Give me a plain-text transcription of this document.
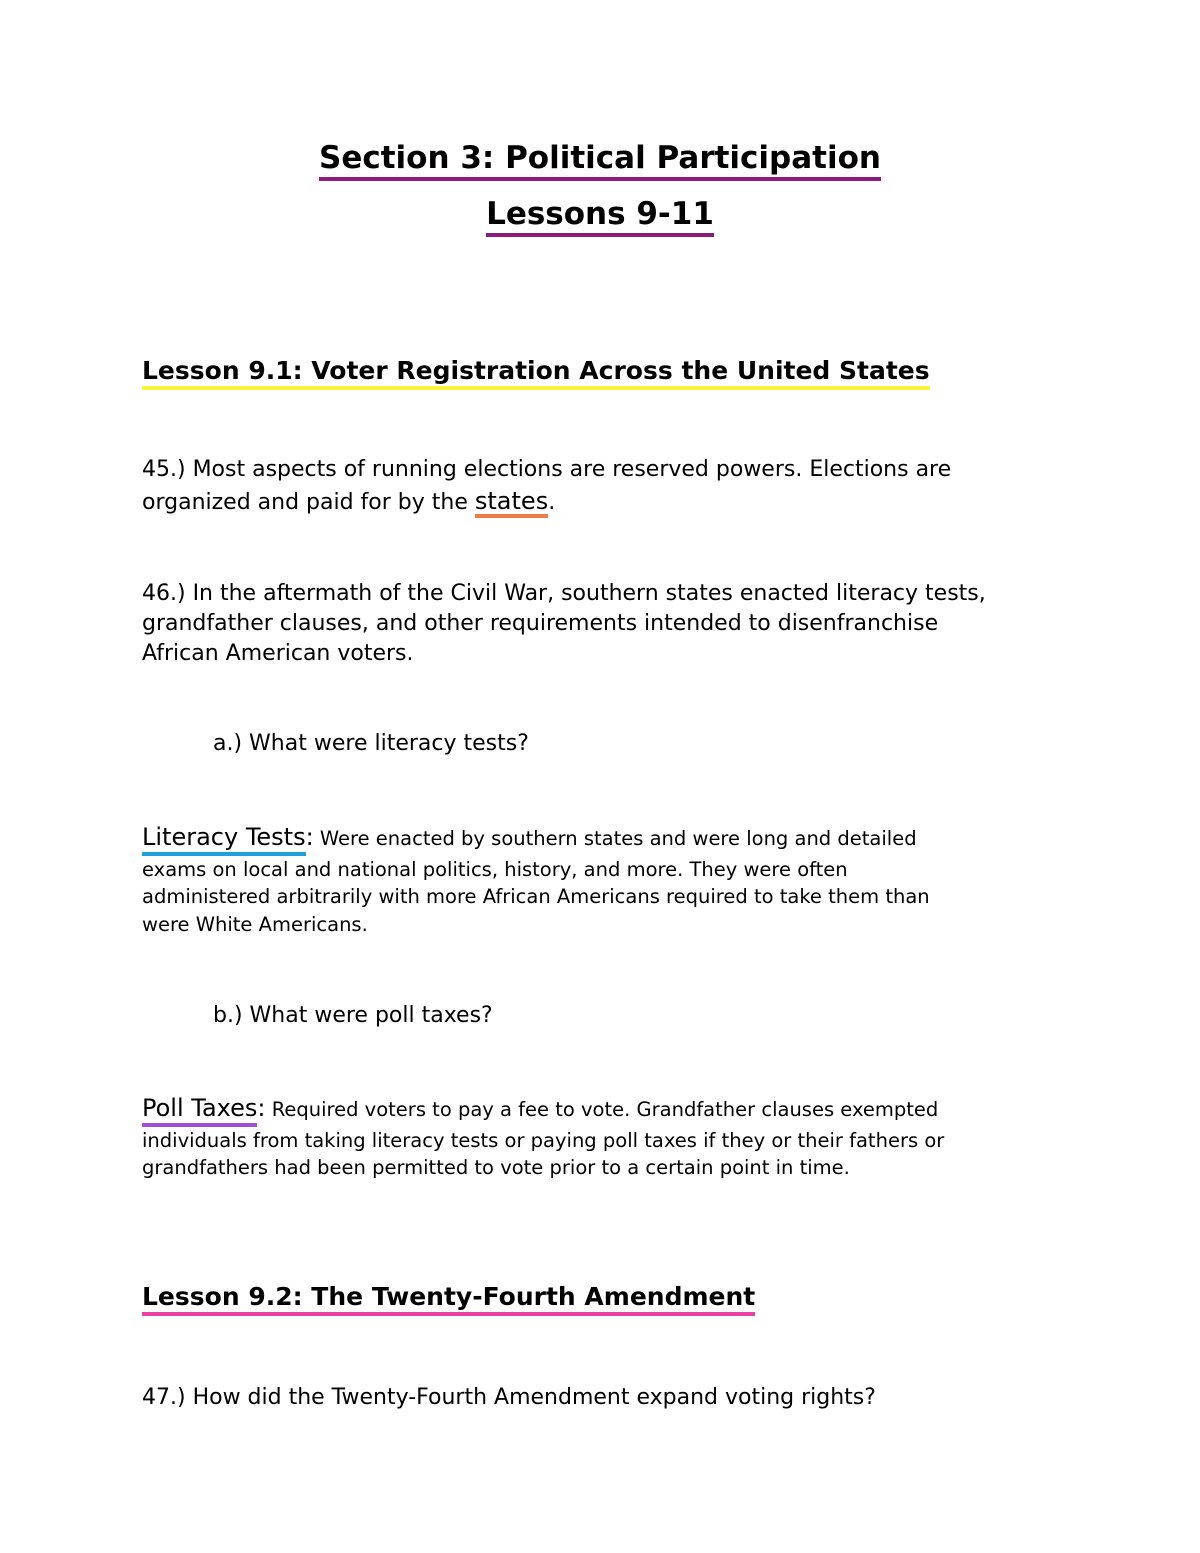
Section 3: Political Participation
Lessons 9-11
Lesson 9.1: Voter Registration Across the United States
45.) Most aspects of running elections are reserved powers. Elections are
organized and paid for by the states.
46.) In the aftermath of the Civil War, southern states enacted literacy tests,
grandfather clauses, and other requirements intended to disenfranchise
African American voters.
a.) What were literacy tests?
Literacy Tests: Were enacted by southern states and were long and detailed
exams on local and national politics, history, and more. They were often
administered arbitrarily with more African Americans required to take them than
were White Americans.
b.) What were poll taxes?
Poll Taxes: Required voters to pay a fee to vote. Grandfather clauses exempted
individuals from taking literacy tests or paying poll taxes if they or their fathers or
grandfathers had been permitted to vote prior to a certain point in time.
Lesson 9.2: The Twenty-Fourth Amendment
47.) How did the Twenty-Fourth Amendment expand voting rights?
